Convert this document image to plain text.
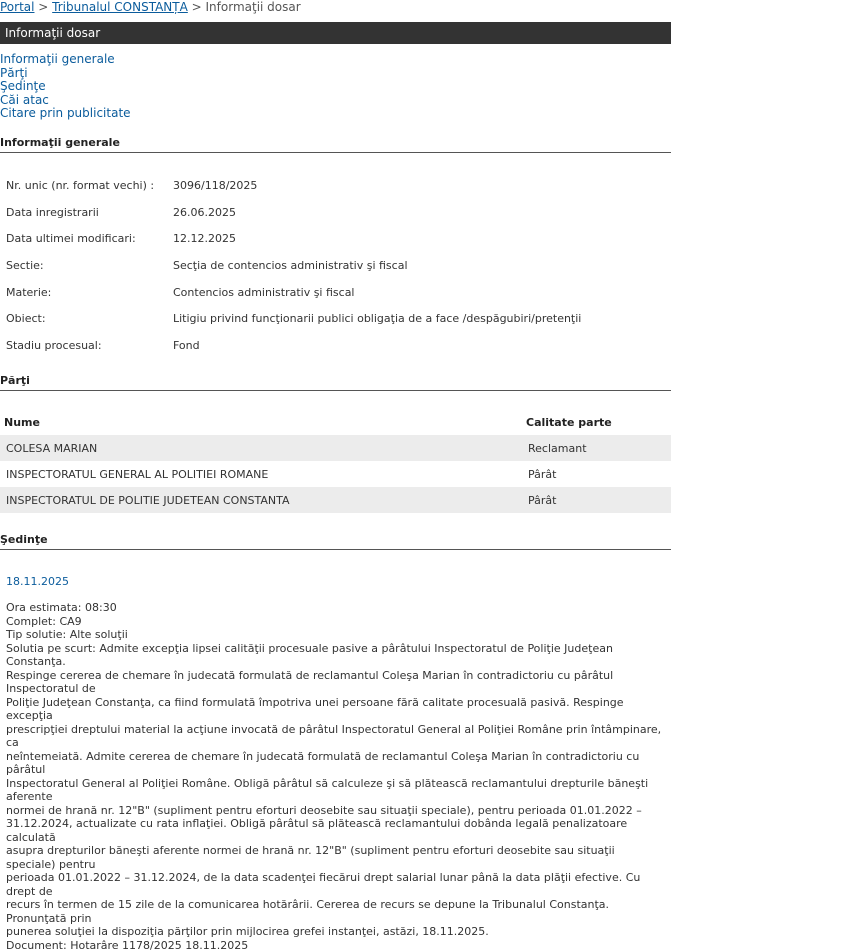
Portal > Tribunalul CONSTANȚA > Informaţii dosar
Informaţii dosar
Informaţii generale
Părţi
Şedinţe
Căi atac
Citare prin publicitate
Informaţii generale
Nr. unic (nr. format vechi) : 3096/118/2025
Data inregistrarii	26.06.2025
Data ultimei modificari:	12.12.2025
Sectie:	Secţia de contencios administrativ şi fiscal
Materie:	Contencios administrativ şi fiscal
Obiect:	Litigiu privind funcţionarii publici obligaţia de a face /despăgubiri/pretenţii
Stadiu procesual:	Fond
Părţi
Nume	Calitate parte
COLESA MARIAN	Reclamant
INSPECTORATUL GENERAL AL POLITIEI ROMANE	Pârât
INSPECTORATUL DE POLITIE JUDETEAN CONSTANTA	Pârât
Şedinţe
18.11.2025
Ora estimata: 08:30
Complet: CA9
Tip solutie: Alte soluţii
Solutia pe scurt: Admite excepţia lipsei calităţii procesuale pasive a pârâtului Inspectoratul de Poliţie Judeţean Constanţa.
Respinge cererea de chemare în judecată formulată de reclamantul Coleşa Marian în contradictoriu cu pârâtul Inspectoratul de
Poliţie Judeţean Constanţa, ca fiind formulată împotriva unei persoane fără calitate procesuală pasivă. Respinge excepţia
prescripţiei dreptului material la acţiune invocată de pârâtul Inspectoratul General al Poliţiei Române prin întâmpinare, ca
neîntemeiată. Admite cererea de chemare în judecată formulată de reclamantul Coleşa Marian în contradictoriu cu pârâtul
Inspectoratul General al Poliţiei Române. Obligă pârâtul să calculeze şi să plătească reclamantului drepturile băneşti aferente
normei de hrană nr. 12"B" (supliment pentru eforturi deosebite sau situaţii speciale), pentru perioada 01.01.2022 –
31.12.2024, actualizate cu rata inflaţiei. Obligă pârâtul să plătească reclamantului dobânda legală penalizatoare calculată
asupra drepturilor băneşti aferente normei de hrană nr. 12"B" (supliment pentru eforturi deosebite sau situaţii speciale) pentru
perioada 01.01.2022 – 31.12.2024, de la data scadenţei fiecărui drept salarial lunar până la data plăţii efective. Cu drept de
recurs în termen de 15 zile de la comunicarea hotărârii. Cererea de recurs se depune la Tribunalul Constanţa. Pronunţată prin
punerea soluţiei la dispoziţia părţilor prin mijlocirea grefei instanţei, astăzi, 18.11.2025.
Document: Hotarâre 1178/2025 18.11.2025
